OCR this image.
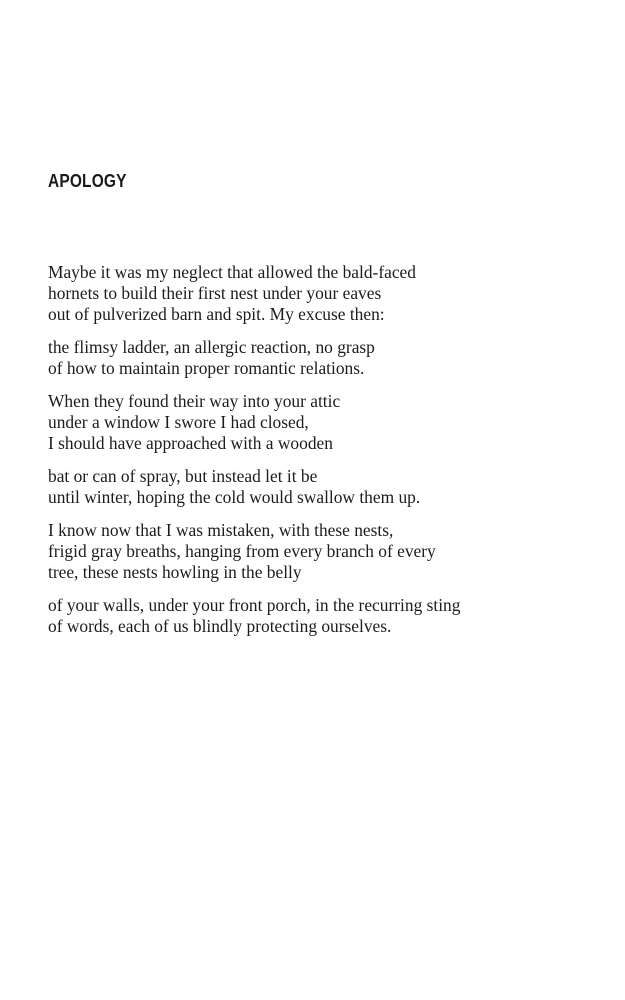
APOLOGY
Maybe it was my neglect that allowed the bald-faced
hornets to build their first nest under your eaves
out of pulverized barn and spit. My excuse then:
the flimsy ladder, an allergic reaction, no grasp
of how to maintain proper romantic relations.
When they found their way into your attic
under a window I swore I had closed,
I should have approached with a wooden
bat or can of spray, but instead let it be
until winter, hoping the cold would swallow them up.
I know now that I was mistaken, with these nests,
frigid gray breaths, hanging from every branch of every
tree, these nests howling in the belly
of your walls, under your front porch, in the recurring sting
of words, each of us blindly protecting ourselves.
